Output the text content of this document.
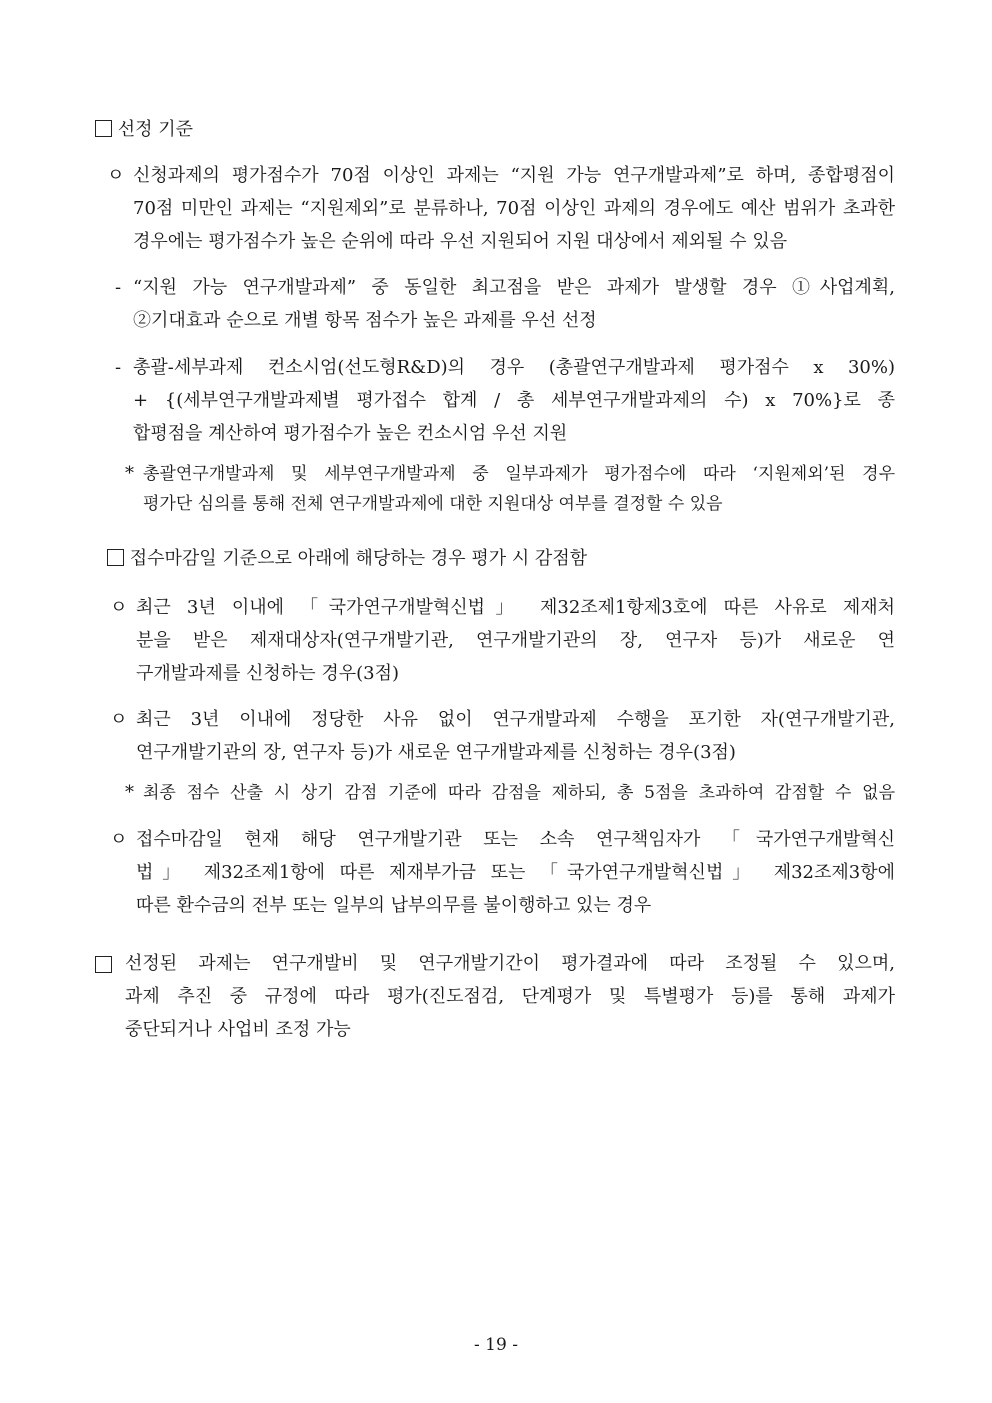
선정 기준
ㅇ 신청과제의 평가점수가 70점 이상인 과제는 “지원 가능 연구개발과제”로 하며, 종합평점이
70점 미만인 과제는 “지원제외”로 분류하나, 70점 이상인 과제의 경우에도 예산 범위가 초과한
경우에는 평가점수가 높은 순위에 따라 우선 지원되어 지원 대상에서 제외될 수 있음
- “지원 가능 연구개발과제” 중 동일한 최고점을 받은 과제가 발생할 경우 ①사업계획,
②기대효과 순으로 개별 항목 점수가 높은 과제를 우선 선정
- 총괄-세부과제 컨소시엄(선도형R&D)의 경우 (총괄연구개발과제 평가점수 x 30%)
+ {(세부연구개발과제별 평가접수 합계 / 총 세부연구개발과제의 수) x 70%}로 종
합평점을 계산하여 평가점수가 높은 컨소시엄 우선 지원
* 총괄연구개발과제 및 세부연구개발과제 중 일부과제가 평가점수에 따라 ‘지원제외’된 경우
평가단 심의를 통해 전체 연구개발과제에 대한 지원대상 여부를 결정할 수 있음
접수마감일 기준으로 아래에 해당하는 경우 평가 시 감점함
ㅇ 최근 3년 이내에 「국가연구개발혁신법」 제32조제1항제3호에 따른 사유로 제재처
분을 받은 제재대상자(연구개발기관, 연구개발기관의 장, 연구자 등)가 새로운 연
구개발과제를 신청하는 경우(3점)
ㅇ 최근 3년 이내에 정당한 사유 없이 연구개발과제 수행을 포기한 자(연구개발기관,
연구개발기관의 장, 연구자 등)가 새로운 연구개발과제를 신청하는 경우(3점)
* 최종 점수 산출 시 상기 감점 기준에 따라 감점을 제하되, 총 5점을 초과하여 감점할 수 없음
ㅇ 접수마감일 현재 해당 연구개발기관 또는 소속 연구책임자가 「국가연구개발혁신
법」 제32조제1항에 따른 제재부가금 또는 「국가연구개발혁신법」 제32조제3항에
따른 환수금의 전부 또는 일부의 납부의무를 불이행하고 있는 경우
선정된 과제는 연구개발비 및 연구개발기간이 평가결과에 따라 조정될 수 있으며,
과제 추진 중 규정에 따라 평가(진도점검, 단계평가 및 특별평가 등)를 통해 과제가
중단되거나 사업비 조정 가능
- 19 -
